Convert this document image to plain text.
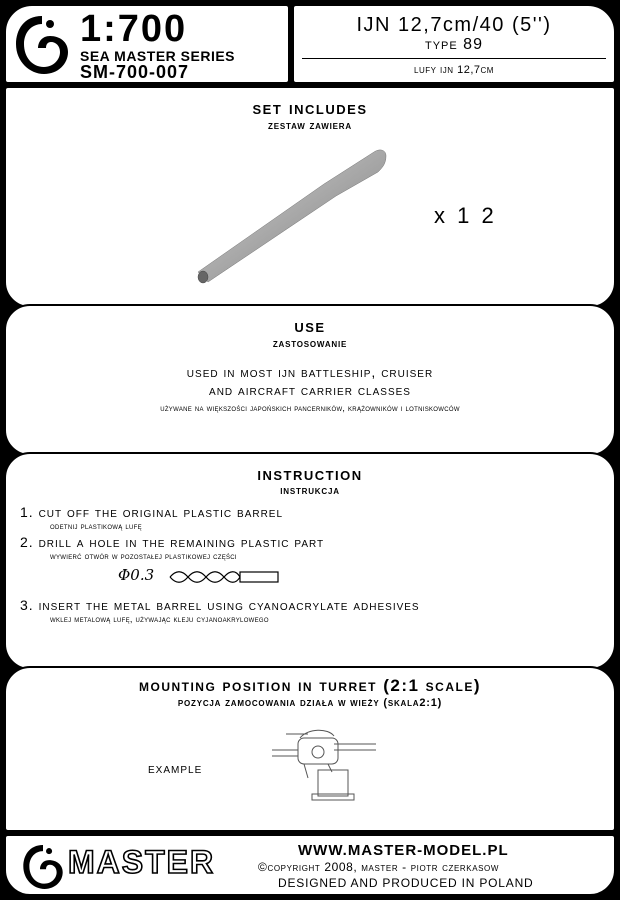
1:700
SEA MASTER SERIES
SM-700-007
IJN 12,7cm/40 (5'')
type 89
lufy ijn 12,7cm
set includes
zestaw zawiera
x 1 2
use
zastosowanie
used in most ijn battleship, cruiser
and aircraft carrier classes
używane na większości japońskich pancerników, krążowników i lotniskowców
instruction
instrukcja
1. cut off the original plastic barrel
odetnij plastikową lufę
2. drill a hole in the remaining plastic part
wywierć otwór w pozostałej plastikowej części
Φ0.3
3. insert the metal barrel using cyanoacrylate adhesives
wklej metalową lufę, używając kleju cyjanoakrylowego
mounting position in turret (2:1 scale)
pozycja zamocowania działa w wieży (skala2:1)
example
MASTER	WWW.MASTER-MODEL.PL
©copyright 2008, master - piotr czerkasow
DESIGNED AND PRODUCED IN POLAND
